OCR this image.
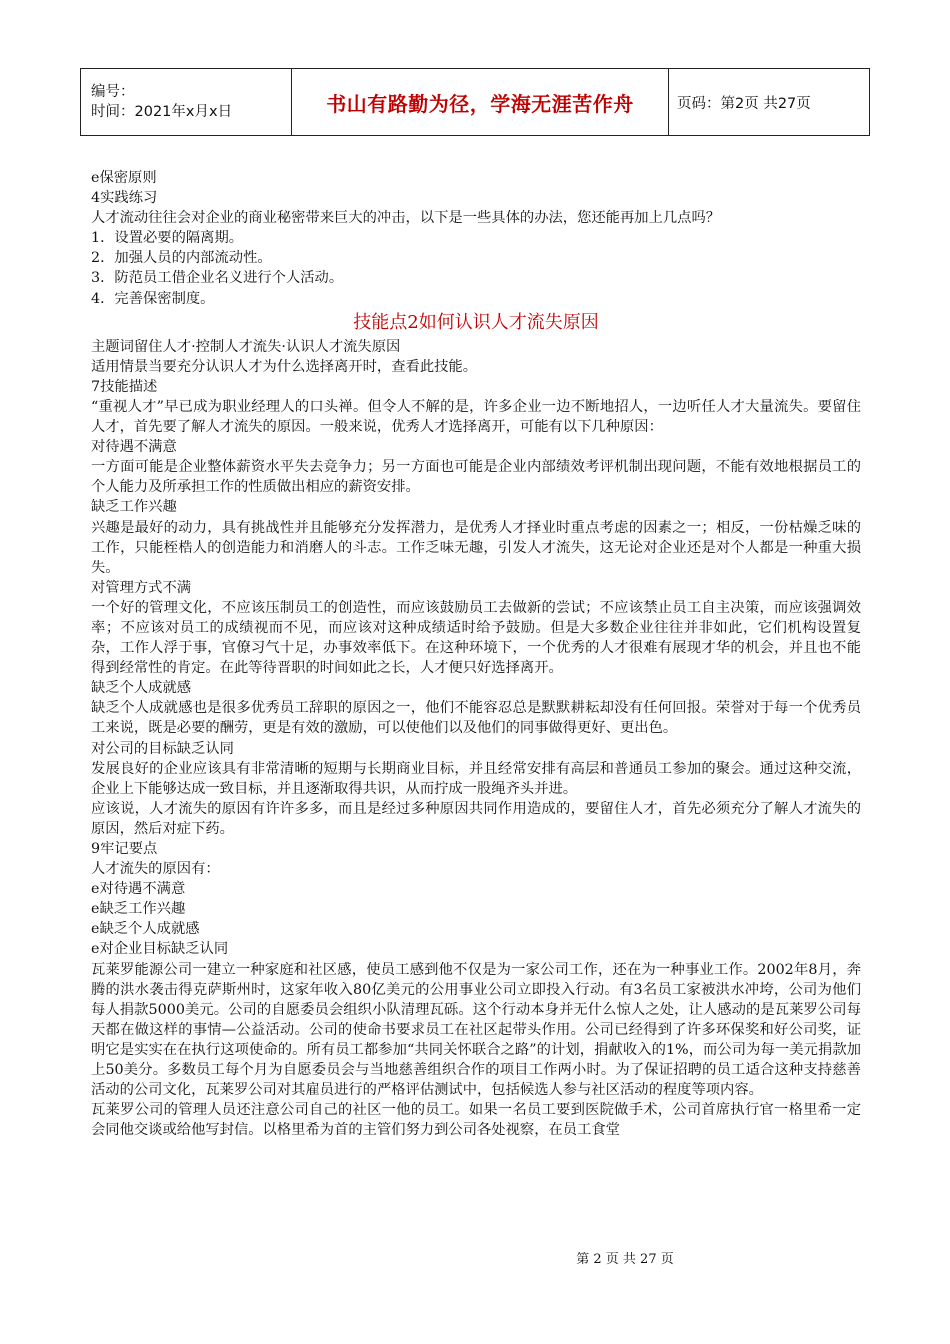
编号：
时间：2021年x月x日	书山有路勤为径，学海无涯苦作舟	页码：第2页 共27页

e保密原则

4实践练习

人才流动往往会对企业的商业秘密带来巨大的冲击，以下是一些具体的办法，您还能再加上几点吗？

1．设置必要的隔离期。

2．加强人员的内部流动性。

3．防范员工借企业名义进行个人活动。

4．完善保密制度。

技能点2如何认识人才流失原因

主题词留住人才·控制人才流失·认识人才流失原因

适用情景当要充分认识人才为什么选择离开时，查看此技能。

7技能描述

“重视人才”早已成为职业经理人的口头禅。但令人不解的是，许多企业一边不断地招人，一边听任人才大量流失。要留住人才，首先要了解人才流失的原因。一般来说，优秀人才选择离开，可能有以下几种原因：

对待遇不满意

一方面可能是企业整体薪资水平失去竞争力；另一方面也可能是企业内部绩效考评机制出现问题，不能有效地根据员工的个人能力及所承担工作的性质做出相应的薪资安排。

缺乏工作兴趣

兴趣是最好的动力，具有挑战性并且能够充分发挥潜力，是优秀人才择业时重点考虑的因素之一；相反，一份枯燥乏味的工作，只能桎梏人的创造能力和消磨人的斗志。工作乏味无趣，引发人才流失，这无论对企业还是对个人都是一种重大损失。

对管理方式不满

一个好的管理文化，不应该压制员工的创造性，而应该鼓励员工去做新的尝试；不应该禁止员工自主决策，而应该强调效率；不应该对员工的成绩视而不见，而应该对这种成绩适时给予鼓励。但是大多数企业往往并非如此，它们机构设置复杂，工作人浮于事，官僚习气十足，办事效率低下。在这种环境下，一个优秀的人才很难有展现才华的机会，并且也不能得到经常性的肯定。在此等待晋职的时间如此之长，人才便只好选择离开。

缺乏个人成就感

缺乏个人成就感也是很多优秀员工辞职的原因之一，他们不能容忍总是默默耕耘却没有任何回报。荣誉对于每一个优秀员工来说，既是必要的酬劳，更是有效的激励，可以使他们以及他们的同事做得更好、更出色。

对公司的目标缺乏认同

发展良好的企业应该具有非常清晰的短期与长期商业目标，并且经常安排有高层和普通员工参加的聚会。通过这种交流，企业上下能够达成一致目标，并且逐渐取得共识，从而拧成一股绳齐头并进。

应该说，人才流失的原因有许许多多，而且是经过多种原因共同作用造成的，要留住人才，首先必须充分了解人才流失的原因，然后对症下药。

9牢记要点

人才流失的原因有：

e对待遇不满意

e缺乏工作兴趣

e缺乏个人成就感

e对企业目标缺乏认同

瓦莱罗能源公司一建立一种家庭和社区感，使员工感到他不仅是为一家公司工作，还在为一种事业工作。2002年8月，奔腾的洪水袭击得克萨斯州时，这家年收入80亿美元的公用事业公司立即投入行动。有3名员工家被洪水冲垮，公司为他们每人捐款5000美元。公司的自愿委员会组织小队清理瓦砾。这个行动本身并无什么惊人之处，让人感动的是瓦莱罗公司每天都在做这样的事情—公益活动。公司的使命书要求员工在社区起带头作用。公司已经得到了许多环保奖和好公司奖，证明它是实实在在执行这项使命的。所有员工都参加“共同关怀联合之路”的计划，捐献收入的1%，而公司为每一美元捐款加上50美分。多数员工每个月为自愿委员会与当地慈善组织合作的项目工作两小时。为了保证招聘的员工适合这种支持慈善活动的公司文化，瓦莱罗公司对其雇员进行的严格评估测试中，包括候选人参与社区活动的程度等项内容。

瓦莱罗公司的管理人员还注意公司自己的社区一他的员工。如果一名员工要到医院做手术，公司首席执行官一格里希一定会同他交谈或给他写封信。以格里希为首的主管们努力到公司各处视察，在员工食堂

第 2 页 共 27 页
